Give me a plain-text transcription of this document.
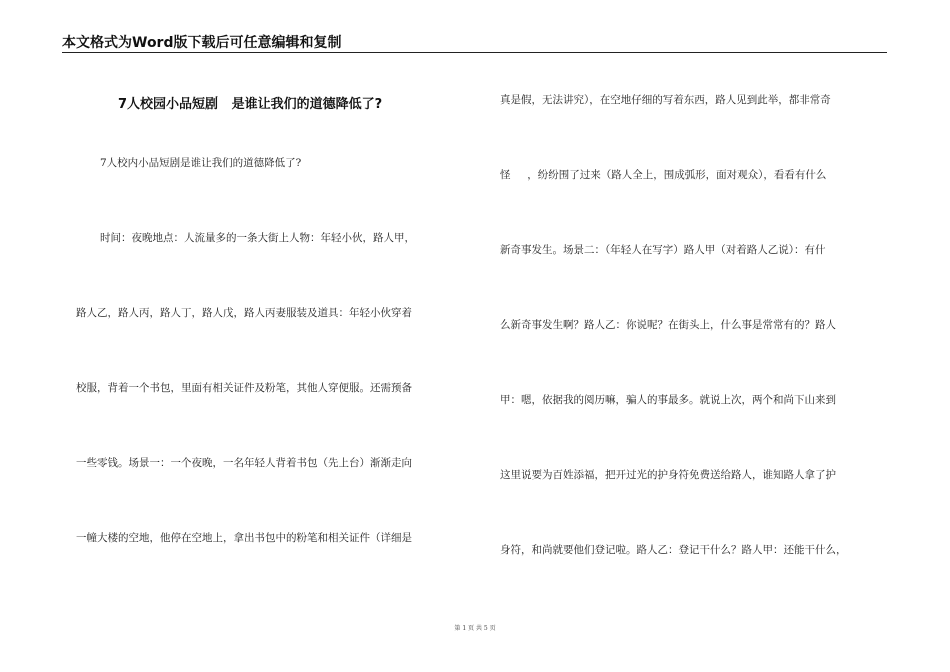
本文格式为Word版下载后可任意编辑和复制
7人校园小品短剧   是谁让我们的道德降低了?
7人校内小品短剧是谁让我们的道德降低了?
时间：夜晚地点：人流量多的一条大街上人物：年轻小伙，路人甲，
路人乙，路人丙，路人丁，路人戊，路人丙妻服装及道具：年轻小伙穿着
校服，背着一个书包，里面有相关证件及粉笔，其他人穿便服。还需预备
一些零钱。场景一：一个夜晚，一名年轻人背着书包（先上台）渐渐走向
一幢大楼的空地，他停在空地上，拿出书包中的粉笔和相关证件（详细是
真是假，无法讲究），在空地仔细的写着东西，路人见到此举，都非常奇
怪     ，纷纷围了过来（路人全上，围成弧形，面对观众），看看有什么
新奇事发生。场景二：（年轻人在写字）路人甲（对着路人乙说）：有什
么新奇事发生啊？路人乙：你说呢？在街头上，什么事是常常有的？路人
甲：嗯，依据我的阅历嘛，骗人的事最多。就说上次，两个和尚下山来到
这里说要为百姓添福，把开过光的护身符免费送给路人，谁知路人拿了护
身符，和尚就要他们登记啦。路人乙：登记干什么？路人甲：还能干什么，
第 1 页 共 5 页
